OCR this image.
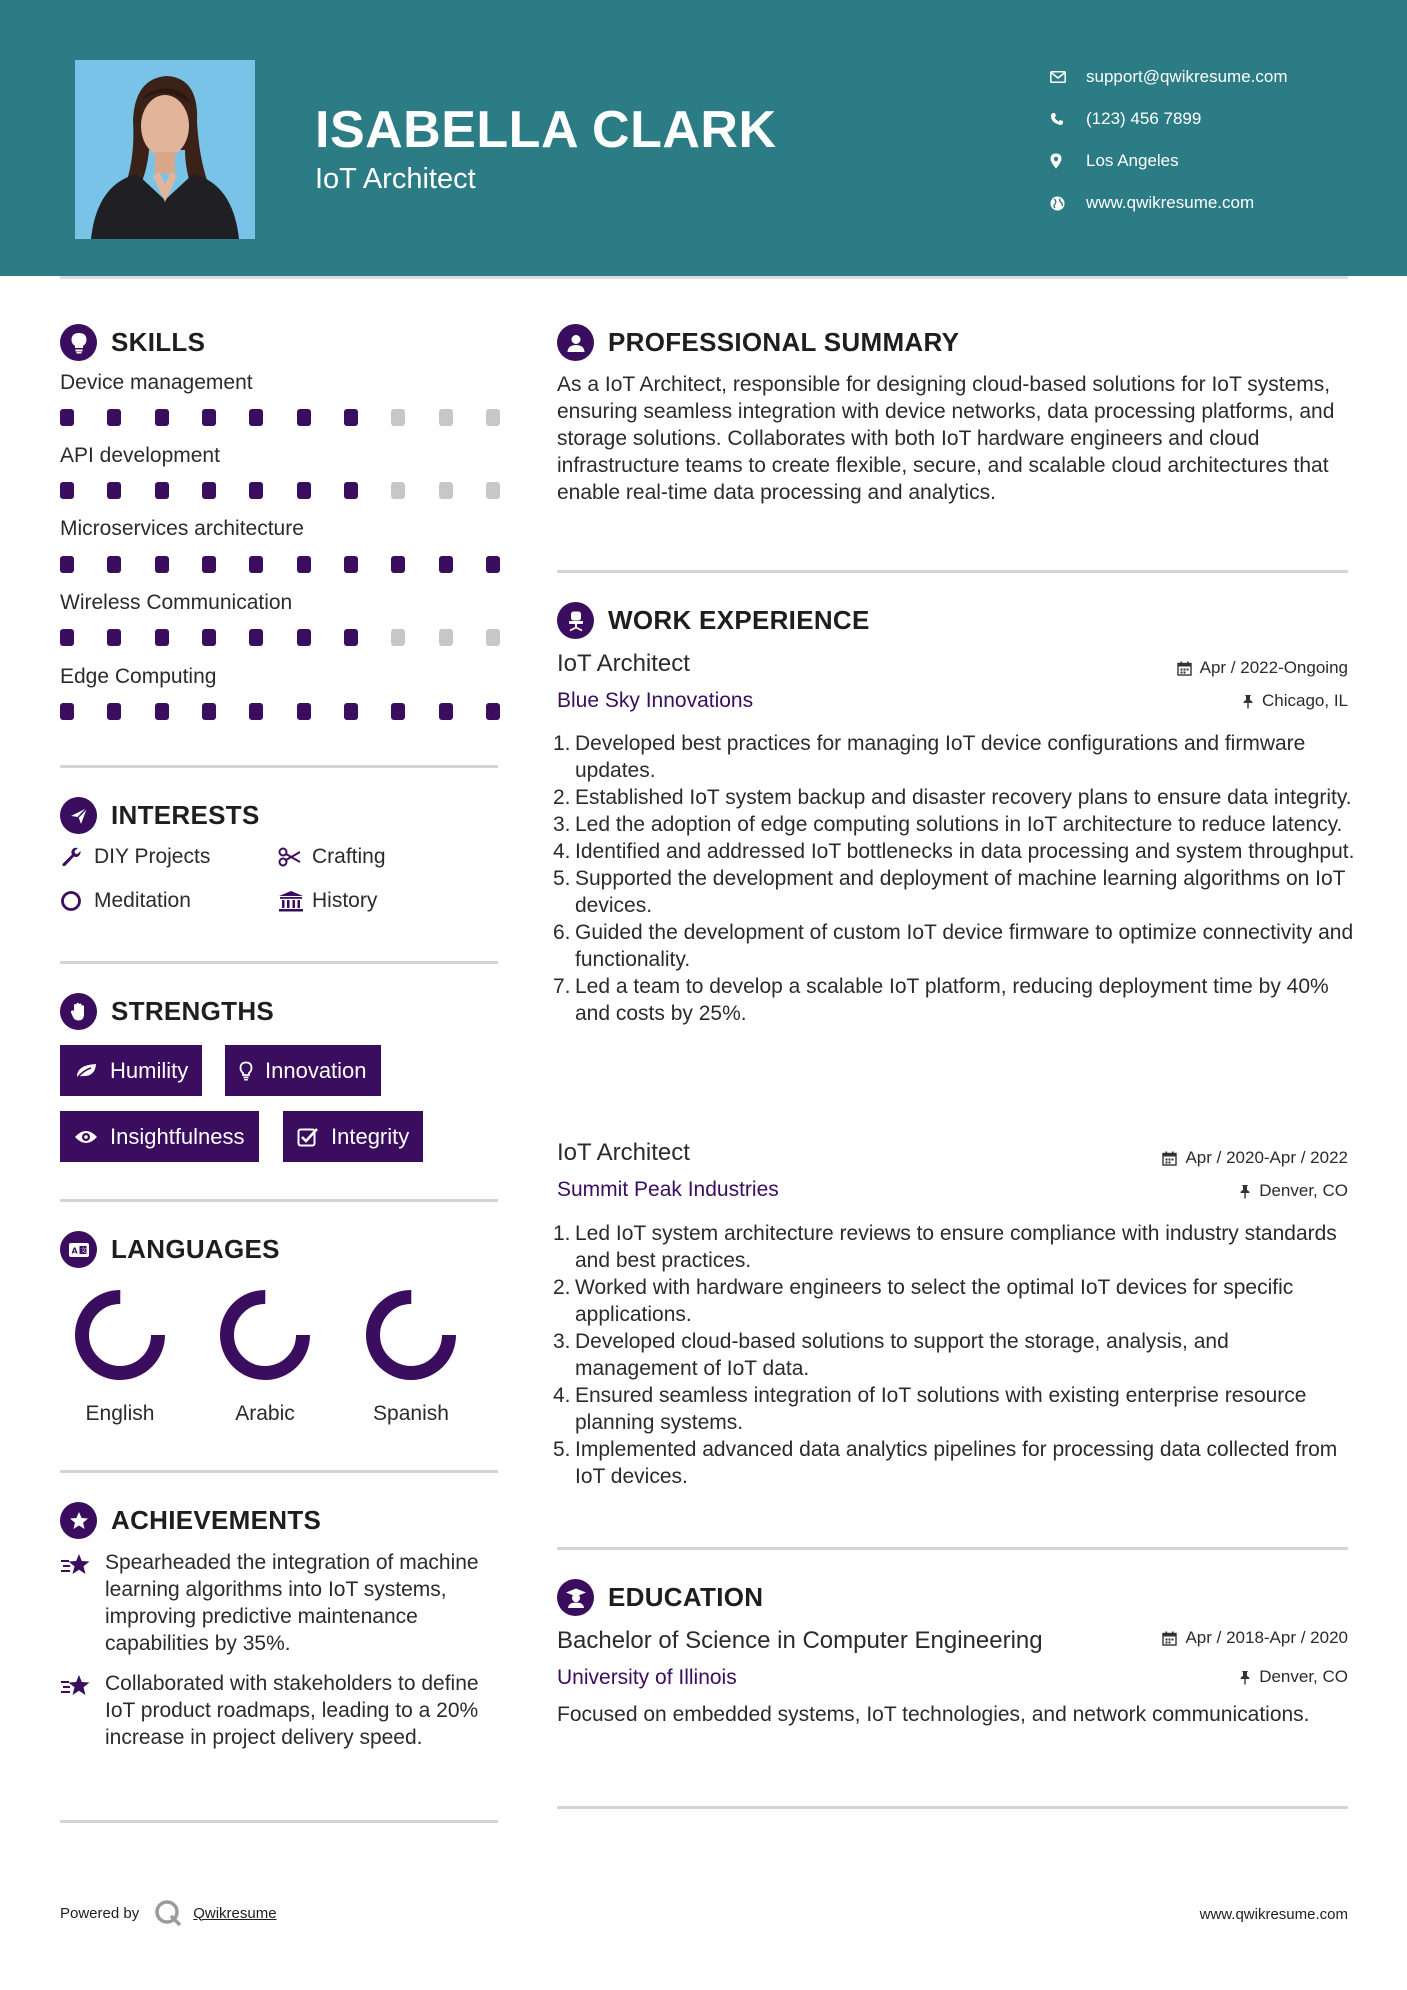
ISABELLA CLARK
IoT Architect
support@qwikresume.com
(123) 456 7899
Los Angeles
www.qwikresume.com
SKILLS
Device management
API development
Microservices architecture
Wireless Communication
Edge Computing
INTERESTS
DIY Projects	Crafting
Meditation	History
STRENGTHS
Humility	Innovation
Insightfulness	Integrity
A 文 LANGUAGES
English	Arabic	Spanish
ACHIEVEMENTS
Spearheaded the integration of machine learning algorithms into IoT systems, improving predictive maintenance capabilities by 35%.
Collaborated with stakeholders to define IoT product roadmaps, leading to a 20% increase in project delivery speed.
PROFESSIONAL SUMMARY
As a IoT Architect, responsible for designing cloud-based solutions for IoT systems, ensuring seamless integration with device networks, data processing platforms, and storage solutions. Collaborates with both IoT hardware engineers and cloud infrastructure teams to create flexible, secure, and scalable cloud architectures that enable real-time data processing and analytics.
WORK EXPERIENCE
IoT Architect	Apr / 2022-Ongoing
Blue Sky Innovations	Chicago, IL
1. Developed best practices for managing IoT device configurations and firmware updates.
2. Established IoT system backup and disaster recovery plans to ensure data integrity.
3. Led the adoption of edge computing solutions in IoT architecture to reduce latency.
4. Identified and addressed IoT bottlenecks in data processing and system throughput.
5. Supported the development and deployment of machine learning algorithms on IoT devices.
6. Guided the development of custom IoT device firmware to optimize connectivity and functionality.
7. Led a team to develop a scalable IoT platform, reducing deployment time by 40% and costs by 25%.
IoT Architect	Apr / 2020-Apr / 2022
Summit Peak Industries	Denver, CO
1. Led IoT system architecture reviews to ensure compliance with industry standards and best practices.
2. Worked with hardware engineers to select the optimal IoT devices for specific applications.
3. Developed cloud-based solutions to support the storage, analysis, and management of IoT data.
4. Ensured seamless integration of IoT solutions with existing enterprise resource planning systems.
5. Implemented advanced data analytics pipelines for processing data collected from IoT devices.
EDUCATION
Bachelor of Science in Computer Engineering	Apr / 2018-Apr / 2020
University of Illinois	Denver, CO
Focused on embedded systems, IoT technologies, and network communications.
Powered by	Qwikresume	www.qwikresume.com
